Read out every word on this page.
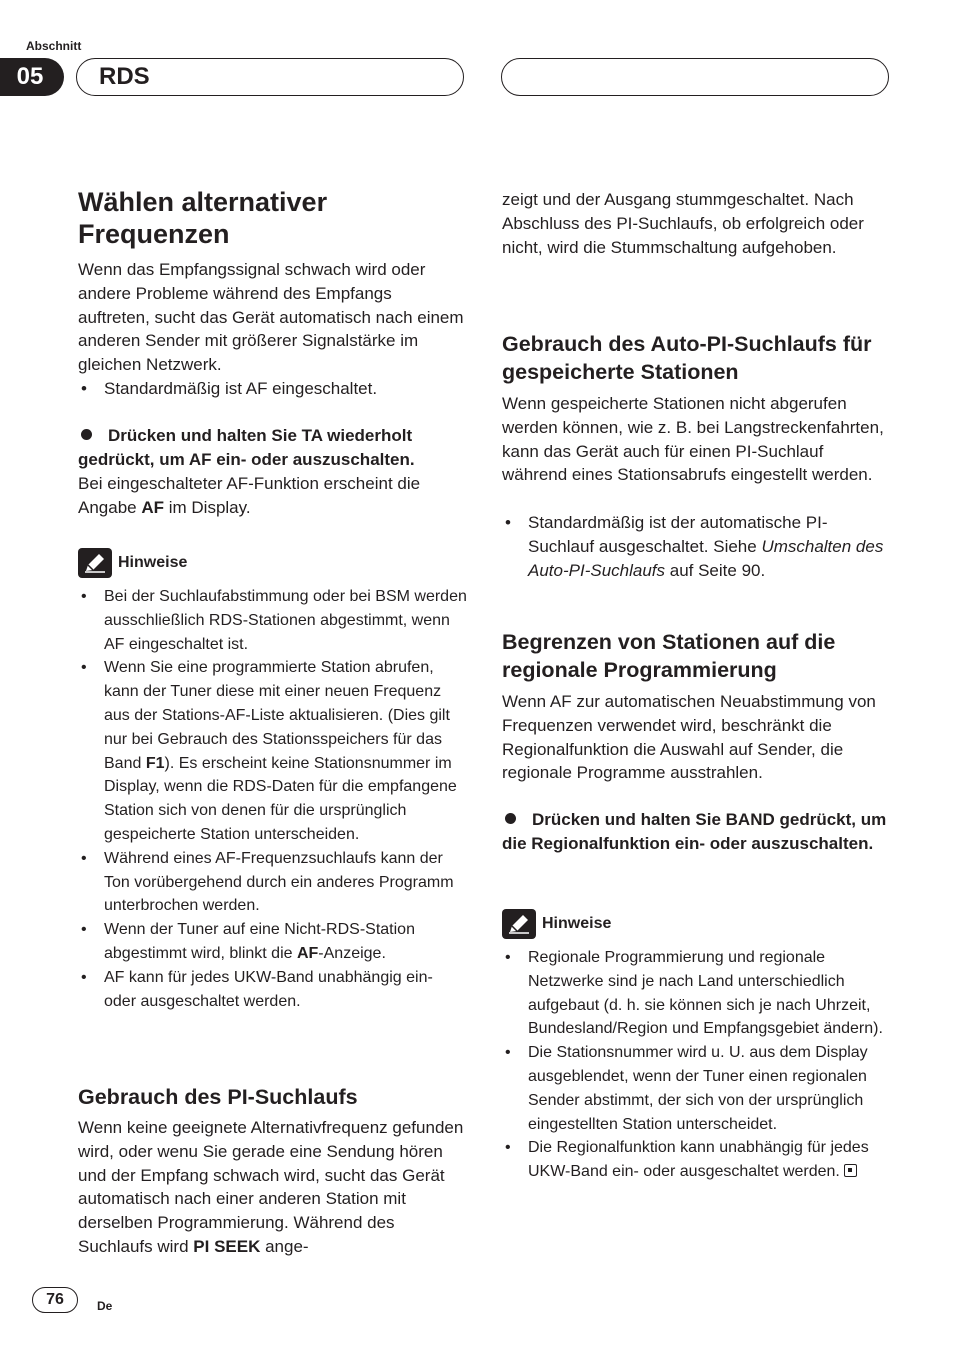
Abschnitt
05	RDS
Wählen alternativer Frequenzen

Wenn das Empfangssignal schwach wird oder andere Probleme während des Empfangs auftreten, sucht das Gerät automatisch nach einem anderen Sender mit größerer Signalstärke im gleichen Netzwerk.

• Standardmäßig ist AF eingeschaltet.

Drücken und halten Sie TA wiederholt gedrückt, um AF ein- oder auszuschalten.

Bei eingeschalteter AF-Funktion erscheint die Angabe AF im Display.

Hinweise
• Bei der Suchlaufabstimmung oder bei BSM werden ausschließlich RDS-Stationen abgestimmt, wenn AF eingeschaltet ist.
• Wenn Sie eine programmierte Station abrufen, kann der Tuner diese mit einer neuen Frequenz aus der Stations-AF-Liste aktualisieren. (Dies gilt nur bei Gebrauch des Stationsspeichers für das Band F1). Es erscheint keine Stationsnummer im Display, wenn die RDS-Daten für die empfangene Station sich von denen für die ursprünglich gespeicherte Station unterscheiden.
• Während eines AF-Frequenzsuchlaufs kann der Ton vorübergehend durch ein anderes Programm unterbrochen werden.
• Wenn der Tuner auf eine Nicht-RDS-Station abgestimmt wird, blinkt die AF-Anzeige.
• AF kann für jedes UKW-Band unabhängig ein- oder ausgeschaltet werden.
Gebrauch des PI-Suchlaufs

Wenn keine geeignete Alternativfrequenz gefunden wird, oder wenu Sie gerade eine Sendung hören und der Empfang schwach wird, sucht das Gerät automatisch nach einer anderen Station mit derselben Programmierung. Während des Suchlaufs wird PI SEEK ange-

zeigt und der Ausgang stummgeschaltet. Nach Abschluss des PI-Suchlaufs, ob erfolgreich oder nicht, wird die Stummschaltung aufgehoben.

Gebrauch des Auto-PI-Suchlaufs für gespeicherte Stationen

Wenn gespeicherte Stationen nicht abgerufen werden können, wie z. B. bei Langstreckenfahrten, kann das Gerät auch für einen PI-Suchlauf während eines Stationsabrufs eingestellt werden.

• Standardmäßig ist der automatische PI-Suchlauf ausgeschaltet. Siehe Umschalten des Auto-PI-Suchlaufs auf Seite 90.
Begrenzen von Stationen auf die regionale Programmierung

Wenn AF zur automatischen Neuabstimmung von Frequenzen verwendet wird, beschränkt die Regionalfunktion die Auswahl auf Sender, die regionale Programme ausstrahlen.

Drücken und halten Sie BAND gedrückt, um die Regionalfunktion ein- oder auszuschalten.

Hinweise
• Regionale Programmierung und regionale Netzwerke sind je nach Land unterschiedlich aufgebaut (d. h. sie können sich je nach Uhrzeit, Bundesland/Region und Empfangsgebiet ändern).
• Die Stationsnummer wird u. U. aus dem Display ausgeblendet, wenn der Tuner einen regionalen Sender abstimmt, der sich von der ursprünglich eingestellten Station unterscheidet.
• Die Regionalfunktion kann unabhängig für jedes UKW-Band ein- oder ausgeschaltet werden.
76	De
